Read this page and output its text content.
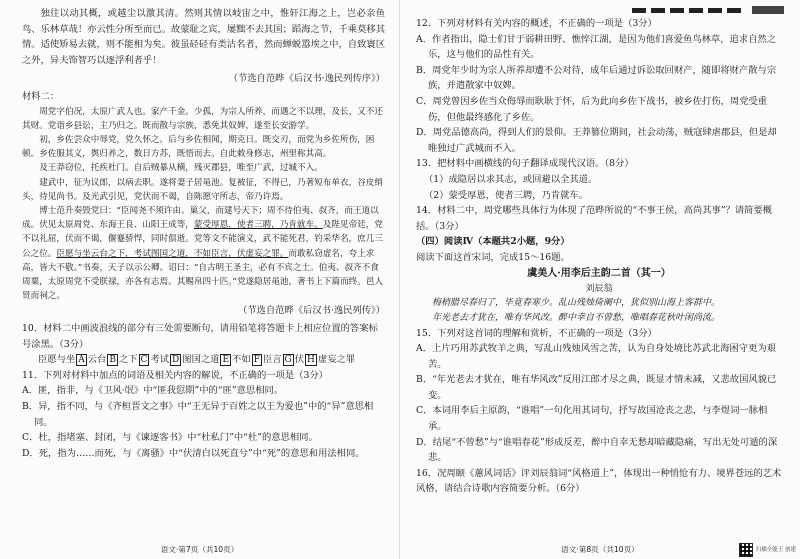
独往以动其概，或越尘以激其清。然则其情以岐宙之中，惟轩江海之上，岂必亲鱼鸟、乐林草哉！亦云性分所至而已。故蒙耻之宾，屡黜不去其国；蹈海之节，千乘莫移其情。适使矫易去就，则不能相为矣。彼虽硁硁有类沽名者，然而蝉蜕嚣埃之中，自致寰区之外，异夫饰智巧以逐浮利者乎！
（节选自范晔《后汉书·逸民列传序》）
材料二：
周党字伯况，太原广武人也。家产千金。少孤，为宗人所养，而遇之不以理，及长，又不还其财。党诣乡县讼，主乃归之。既而散与宗族，悉免其奴婢，遂至长安游学。
初，乡佐尝众中辱党，党久怀之。后与乡佐相闻，期克日。既交刃，而党为乡佐所伤，困顿。乡佐服其义，舆归养之，数日方苏，既悟而去。自此敕身修志，州里称其高。
及王莽窃位，托疾杜门。自后贼暴从横，残灭郡县，唯至广武，过城不入。
建武中，征为议郎，以病去职。遂将妻子居黾池。复被征，不得已，乃著短布单衣，谷皮绡头，待见尚书。及光武引见，党伏而不谒，自陈愿守所志，帝乃许焉。
博士范升奏毁党曰：“臣闻尧不须许由、巢父，而建号天下；周不待伯夷、叔齐，而王道以成。伏见太原周党、东海王良、山阳王成等，蒙受厚恩，使者三聘，乃肯就车。及陛见帝廷，党不以礼屈，伏而不谒，偃蹇骄悍，同时俱逝。党等文不能演义，武不能死君，钓采华名，庶几三公之位。臣愿与坐云台之下，考试图国之道，不如臣言，伏虚妄之罪。而敢私窃虚名，夸上求高，皆大不敬。”书奏，天子以示公卿。诏曰：“自古明王圣主，必有不宾之士。伯夷、叔齐不食周粟，太原周党不受朕禄，亦各有志焉。其赐帛四十匹。”党遂隐居黾池，著书上下篇而终。邑人贤而祠之。
（节选自范晔《后汉书·逸民列传》）
10．材料二中画波浪线的部分有三处需要断句，请用铅笔将答题卡上相应位置的答案标号涂黑。（3分）
臣愿与坐 A 云台 B 之下 C 考试 D 图国之道 E 不如 F 臣言 G 伏 H 虚妄之罪
11．下列对材料中加点的词语及相关内容的解说，不正确的一项是（3分）
A．匪，指非，与《卫风·氓》中“匪我愆期”中的“匪”意思相同。
B．异，指不同，与《齐桓晋文之事》中“王无异于百姓之以王为爱也”中的“异”意思相同。
C．杜，指堵塞、封闭，与《谏逐客书》中“杜私门”中“杜”的意思相同。
D．死，指为……而死，与《离骚》中“伏清白以死直兮”中“死”的意思和用法相同。
语文·第7页（共10页）
12．下列对材料有关内容的概述，不正确的一项是（3分）
A．作者指出，隐士们甘于弱耕田野、憔悴江湖，是因为他们喜爱鱼鸟林草，追求自然之乐，这与他们的品性有关。
B．周党年少时为宗人所养却遭不公对待，成年后通过诉讼取回财产，随即将财产散与宗族，并遣散家中奴婢。
C．周党曾因乡佐当众侮辱而耿耿于怀，后为此向乡佐下战书，被乡佐打伤，周党受重伤，但他最终感化了乡佐。
D．周党品德高尚，得到人们的景仰。王莽篡位期间，社会动荡，贼寇肆虐郡县，但是却唯独过广武城而不入。
13．把材料中画横线的句子翻译成现代汉语。（8分）
（1）成隐居以求其志，或回避以全其道。
（2）蒙受厚恩，使者三聘，乃肯就车。
14．材料二中，周党哪些具体行为体现了范晔所说的“不事王侯，高尚其事”？请简要概括。（3分）
（四）阅读Ⅳ（本题共2小题，9分）
阅读下面这首宋词，完成15～16题。
虞美人·用李后主韵二首（其一）
刘辰翁
梅梢腊尽春归了，毕竟春寒少。乱山残烛倚阑中，犹似别山海上客群中。
年光老去才犹在，唯有华风改。醉中幸自不曾愁，唯唱春花秋叶闲尚流。
15．下列对这首词的理解和赏析，不正确的一项是（3分）
A．上片巧用苏武牧羊之典，写乱山残烛风雪之苦，认为自身处境比苏武北海困守更为艰苦。
B．“年光老去才犹在，唯有华风改”反用江郎才尽之典，既显才情未减，又悲故国风貌已变。
C．本词用李后主原韵，“谁唱”一句化用其词句，抒写故国沧丧之悲，与李煜词一脉相承。
D．结尾“不曾愁”与“谁唱春花”形成反差，醉中自幸无愁却暗藏隐痛，写出无处可遁的深悲。
16．况周颐《蕙风词话》评刘辰翁词“风格道上”，体现出一种悄怆有力、境界苍远的艺术风格，请结合诗歌内容简要分析。（6分）
语文·第8页（共10页）	扫描全能王 创建
